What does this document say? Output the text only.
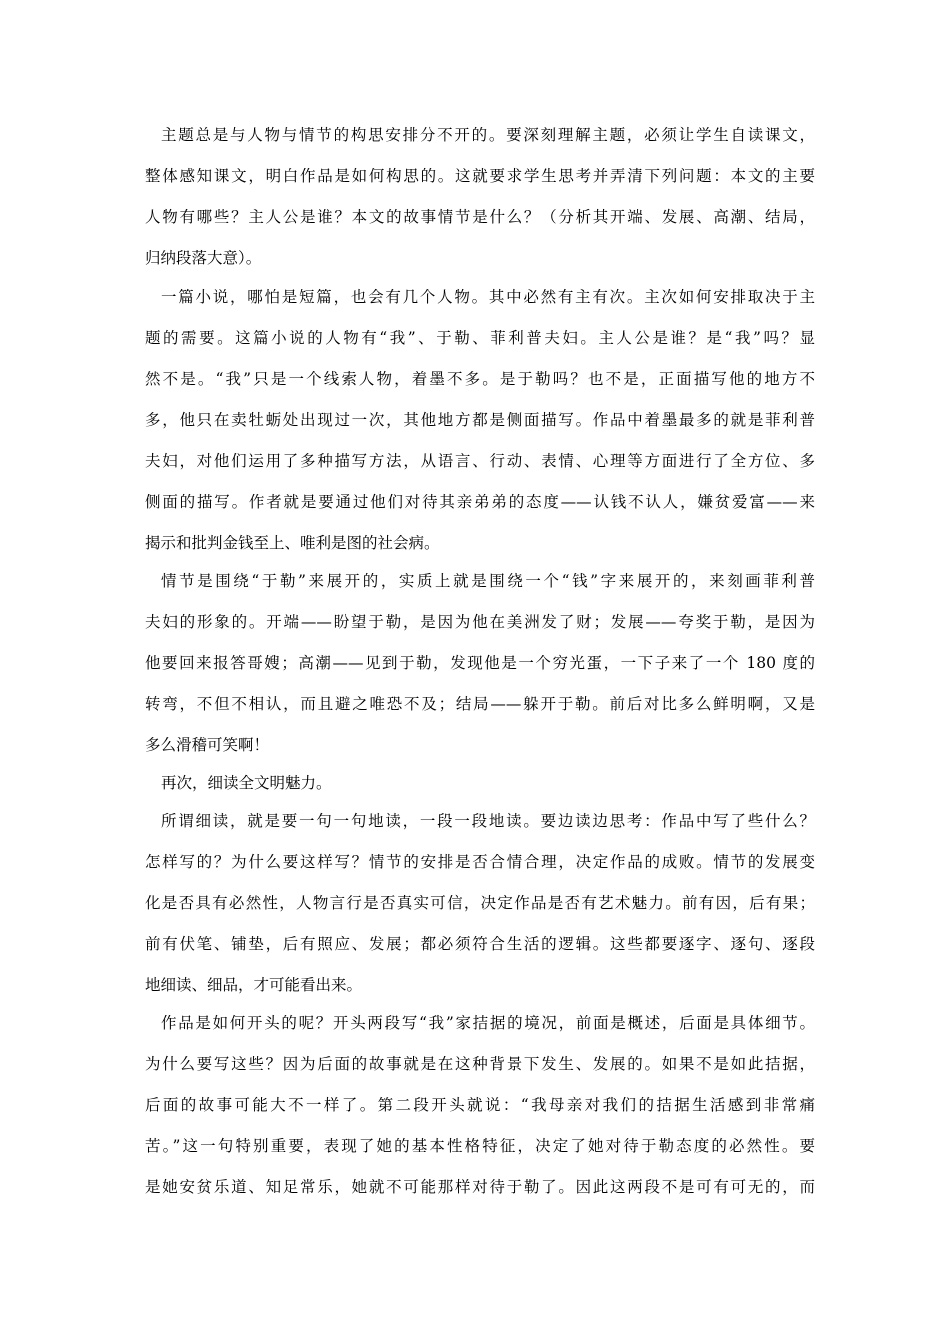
主题总是与人物与情节的构思安排分不开的。要深刻理解主题，必须让学生自读课文，
整体感知课文，明白作品是如何构思的。这就要求学生思考并弄清下列问题：本文的主要
人物有哪些？主人公是谁？本文的故事情节是什么？（分析其开端、发展、高潮、结局，
归纳段落大意）。
一篇小说，哪怕是短篇，也会有几个人物。其中必然有主有次。主次如何安排取决于主
题的需要。这篇小说的人物有“我”、于勒、菲利普夫妇。主人公是谁？是“我”吗？显
然不是。“我”只是一个线索人物，着墨不多。是于勒吗？也不是，正面描写他的地方不
多，他只在卖牡蛎处出现过一次，其他地方都是侧面描写。作品中着墨最多的就是菲利普
夫妇，对他们运用了多种描写方法，从语言、行动、表情、心理等方面进行了全方位、多
侧面的描写。作者就是要通过他们对待其亲弟弟的态度——认钱不认人，嫌贫爱富——来
揭示和批判金钱至上、唯利是图的社会病。
情节是围绕“于勒”来展开的，实质上就是围绕一个“钱”字来展开的，来刻画菲利普
夫妇的形象的。开端——盼望于勒，是因为他在美洲发了财；发展——夸奖于勒，是因为
他要回来报答哥嫂；高潮——见到于勒，发现他是一个穷光蛋，一下子来了一个 180 度的
转弯，不但不相认，而且避之唯恐不及；结局——躲开于勒。前后对比多么鲜明啊，又是
多么滑稽可笑啊！
再次，细读全文明魅力。
所谓细读，就是要一句一句地读，一段一段地读。要边读边思考：作品中写了些什么？
怎样写的？为什么要这样写？情节的安排是否合情合理，决定作品的成败。情节的发展变
化是否具有必然性，人物言行是否真实可信，决定作品是否有艺术魅力。前有因，后有果；
前有伏笔、铺垫，后有照应、发展；都必须符合生活的逻辑。这些都要逐字、逐句、逐段
地细读、细品，才可能看出来。
作品是如何开头的呢？开头两段写“我”家拮据的境况，前面是概述，后面是具体细节。
为什么要写这些？因为后面的故事就是在这种背景下发生、发展的。如果不是如此拮据，
后面的故事可能大不一样了。第二段开头就说：“我母亲对我们的拮据生活感到非常痛
苦。”这一句特别重要，表现了她的基本性格特征，决定了她对待于勒态度的必然性。要
是她安贫乐道、知足常乐，她就不可能那样对待于勒了。因此这两段不是可有可无的，而
